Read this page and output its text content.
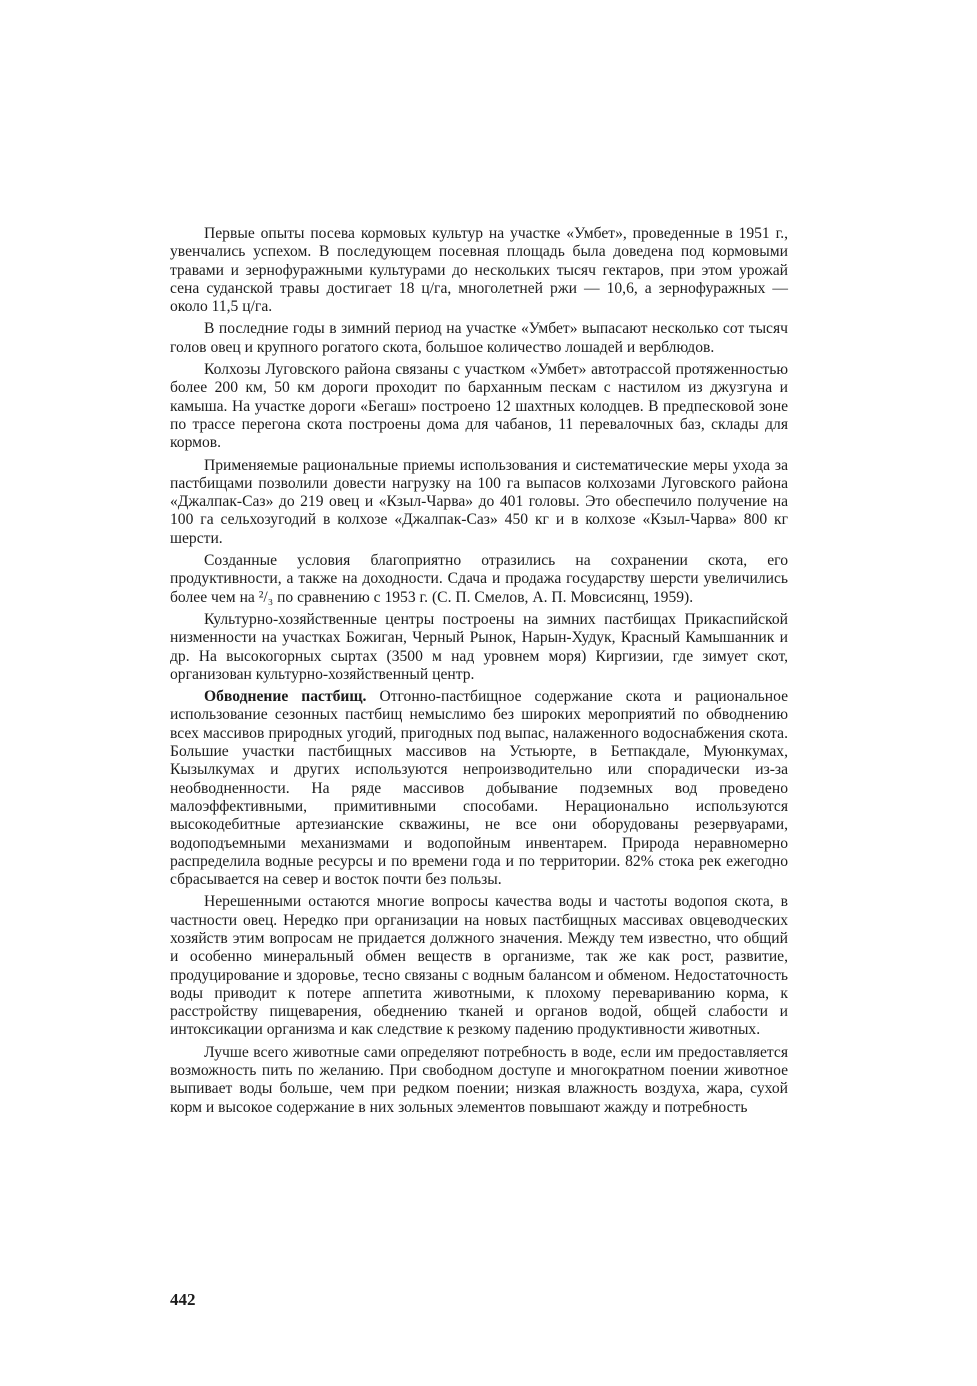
Первые опыты посева кормовых культур на участке «Умбет», проведенные в 1951 г., увенчались успехом. В последующем посевная площадь была доведена под кормовыми травами и зернофуражными культурами до нескольких тысяч гектаров, при этом урожай сена суданской травы достигает 18 ц/га, многолетней ржи — 10,6, а зернофуражных — около 11,5 ц/га.

В последние годы в зимний период на участке «Умбет» выпасают несколько сот тысяч голов овец и крупного рогатого скота, большое количество лошадей и верблюдов.

Колхозы Луговского района связаны с участком «Умбет» автотрассой протяженностью более 200 км, 50 км дороги проходит по барханным пескам с настилом из джузгуна и камыша. На участке дороги «Бегаш» построено 12 шахтных колодцев. В предпесковой зоне по трассе перегона скота построены дома для чабанов, 11 перевалочных баз, склады для кормов.

Применяемые рациональные приемы использования и систематические меры ухода за пастбищами позволили довести нагрузку на 100 га выпасов колхозами Луговского района «Джалпак-Саз» до 219 овец и «Кзыл-Чарва» до 401 головы. Это обеспечило получение на 100 га сельхозугодий в колхозе «Джалпак-Саз» 450 кг и в колхозе «Кзыл-Чарва» 800 кг шерсти.

Созданные условия благоприятно отразились на сохранении скота, его продуктивности, а также на доходности. Сдача и продажа государству шерсти увеличились более чем на ²/₃ по сравнению с 1953 г. (С. П. Смелов, А. П. Мовсисянц, 1959).

Культурно-хозяйственные центры построены на зимних пастбищах Прикаспийской низменности на участках Божиган, Черный Рынок, Нарын-Худук, Красный Камышанник и др. На высокогорных сыртах (3500 м над уровнем моря) Киргизии, где зимует скот, организован культурно-хозяйственный центр.

Обводнение пастбищ. Отгонно-пастбищное содержание скота и рациональное использование сезонных пастбищ немыслимо без широких мероприятий по обводнению всех массивов природных угодий, пригодных под выпас, налаженного водоснабжения скота. Большие участки пастбищных массивов на Устьюрте, в Бетпакдале, Муюнкумах, Кызылкумах и других используются непроизводительно или спорадически из-за необводненности. На ряде массивов добывание подземных вод проведено малоэффективными, примитивными способами. Нерационально используются высокодебитные артезианские скважины, не все они оборудованы резервуарами, водоподъемными механизмами и водопойным инвентарем. Природа неравномерно распределила водные ресурсы и по времени года и по территории. 82% стока рек ежегодно сбрасывается на север и восток почти без пользы.

Нерешенными остаются многие вопросы качества воды и частоты водопоя скота, в частности овец. Нередко при организации на новых пастбищных массивах овцеводческих хозяйств этим вопросам не придается должного значения. Между тем известно, что общий и особенно минеральный обмен веществ в организме, так же как рост, развитие, продуцирование и здоровье, тесно связаны с водным балансом и обменом. Недостаточность воды приводит к потере аппетита животными, к плохому перевариванию корма, к расстройству пищеварения, обеднению тканей и органов водой, общей слабости и интоксикации организма и как следствие к резкому падению продуктивности животных.

Лучше всего животные сами определяют потребность в воде, если им предоставляется возможность пить по желанию. При свободном доступе и многократном поении животное выпивает воды больше, чем при редком поении; низкая влажность воздуха, жара, сухой корм и высокое содержание в них зольных элементов повышают жажду и потребность

442
